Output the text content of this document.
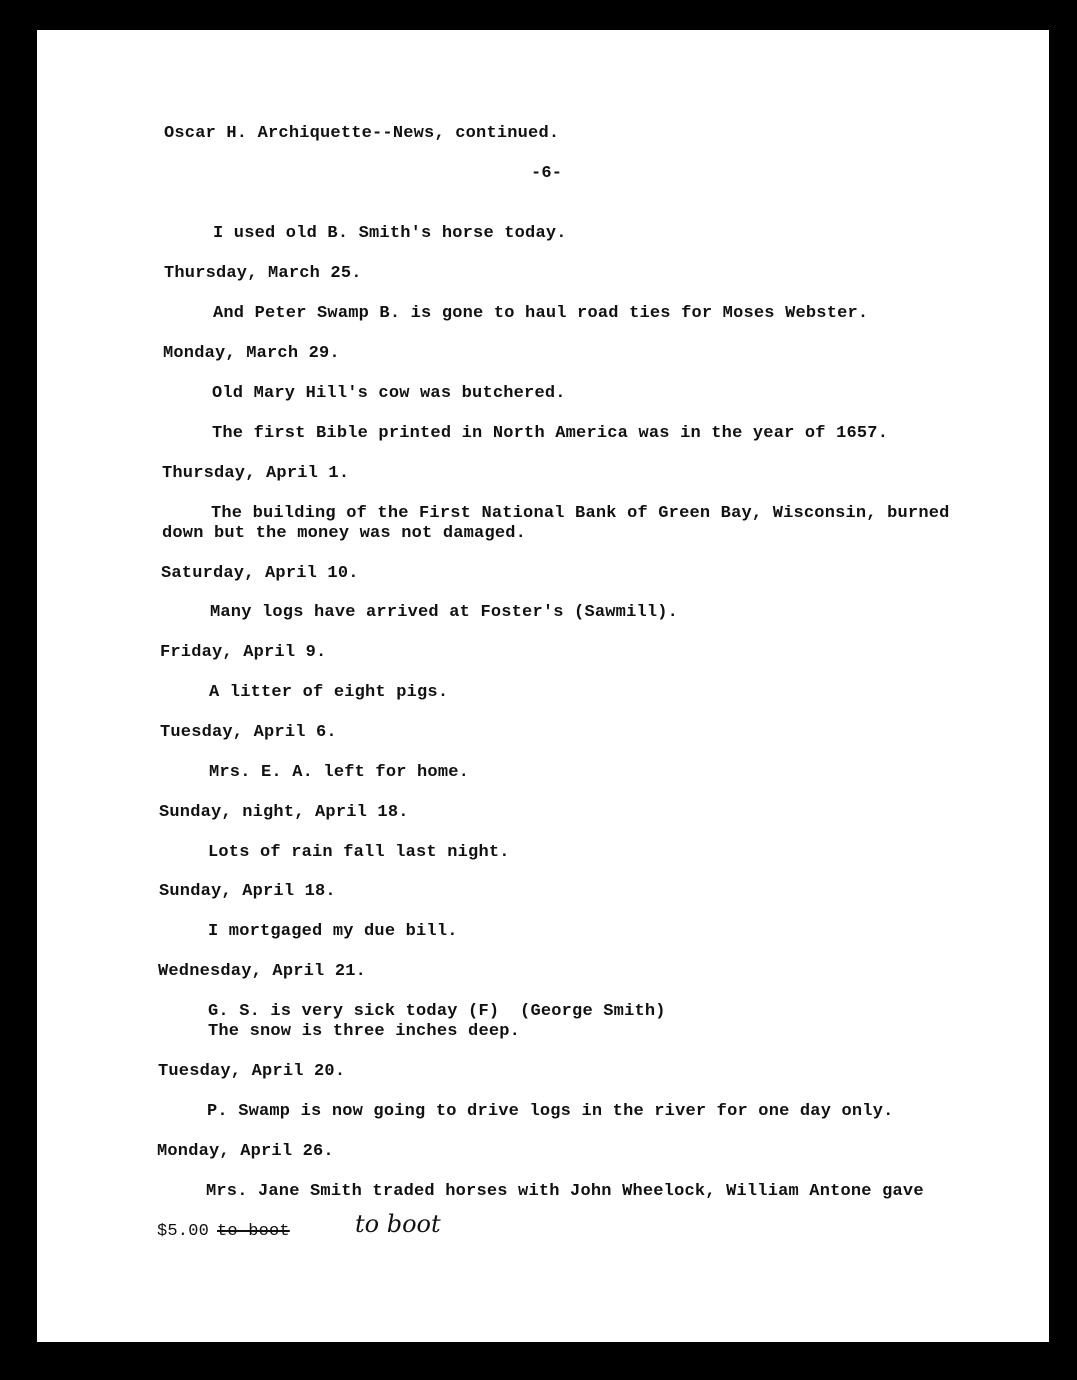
Oscar H. Archiquette--News, continued.
-6-
I used old B. Smith's horse today.
Thursday, March 25.
And Peter Swamp B. is gone to haul road ties for Moses Webster.
Monday, March 29.
Old Mary Hill's cow was butchered.
The first Bible printed in North America was in the year of 1657.
Thursday, April 1.
The building of the First National Bank of Green Bay, Wisconsin, burned
down but the money was not damaged.
Saturday, April 10.
Many logs have arrived at Foster's (Sawmill).
Friday, April 9.
A litter of eight pigs.
Tuesday, April 6.
Mrs. E. A. left for home.
Sunday, night, April 18.
Lots of rain fall last night.
Sunday, April 18.
I mortgaged my due bill.
Wednesday, April 21.
G. S. is very sick today (F)  (George Smith)
The snow is three inches deep.
Tuesday, April 20.
P. Swamp is now going to drive logs in the river for one day only.
Monday, April 26.
Mrs. Jane Smith traded horses with John Wheelock, William Antone gave
$5.00 to boot	to boot
